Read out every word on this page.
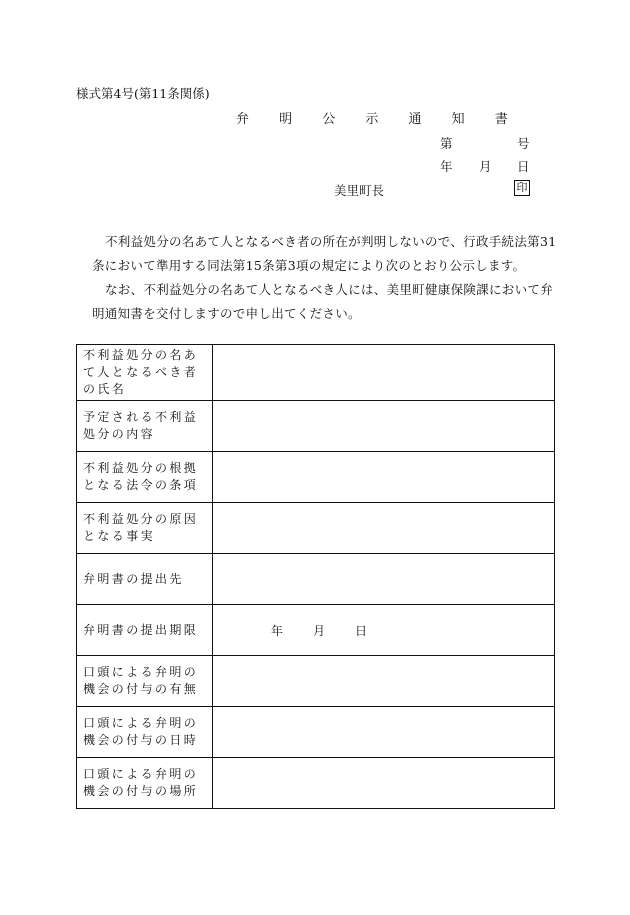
様式第4号(第11条関係)
弁 明 公 示 通 知 書
第	号
年 月 日
美里町長	印
不利益処分の名あて人となるべき者の所在が判明しないので、行政手続法第31
条において準用する同法第15条第3項の規定により次のとおり公示します。
なお、不利益処分の名あて人となるべき人には、美里町健康保険課において弁
明通知書を交付しますので申し出てください。
不利益処分の名あて人となるべき者の氏名	
予定される不利益処分の内容	
不利益処分の根拠となる法令の条項	
不利益処分の原因となる事実	
弁明書の提出先	
弁明書の提出期限	年 月 日

口頭による弁明の機会の付与の有無	
口頭による弁明の機会の付与の日時	
口頭による弁明の機会の付与の場所	
